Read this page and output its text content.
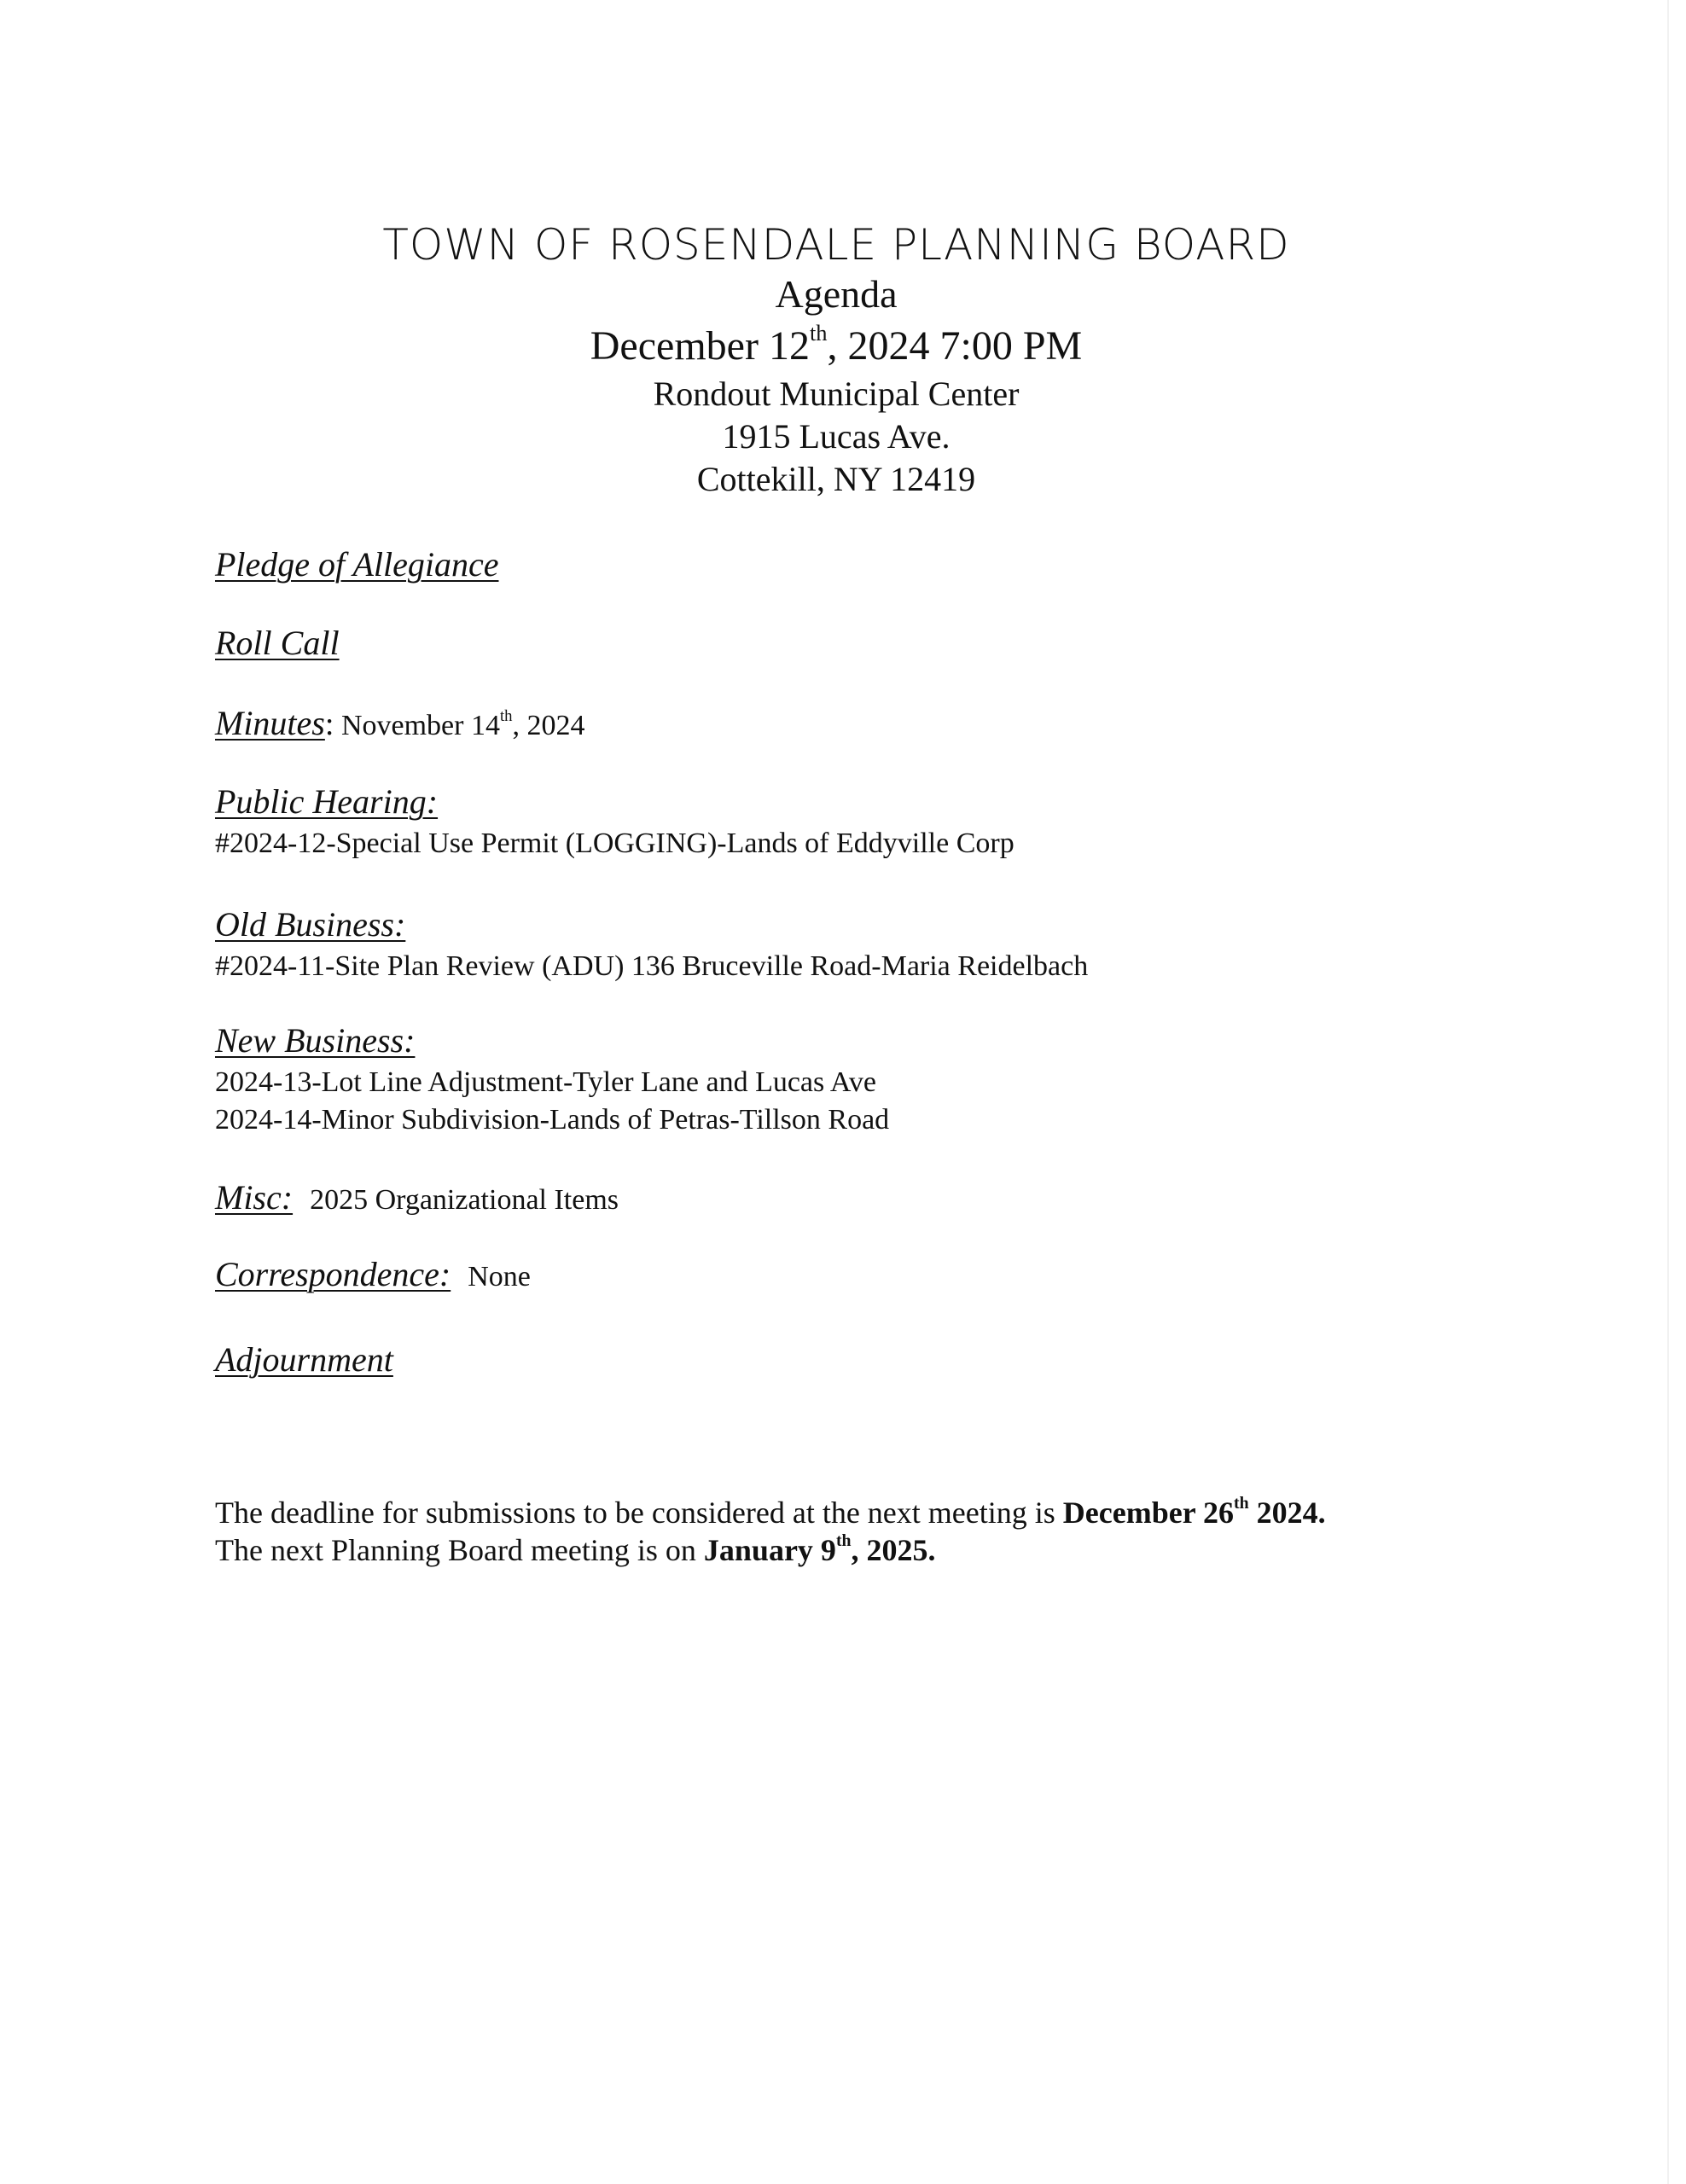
TOWN OF ROSENDALE PLANNING BOARD
Agenda
December 12th, 2024 7:00 PM
Rondout Municipal Center
1915 Lucas Ave.
Cottekill, NY 12419
Pledge of Allegiance
Roll Call
Minutes: November 14th, 2024
Public Hearing:
#2024-12-Special Use Permit (LOGGING)-Lands of Eddyville Corp
Old Business:
#2024-11-Site Plan Review (ADU) 136 Bruceville Road-Maria Reidelbach
New Business:
2024-13-Lot Line Adjustment-Tyler Lane and Lucas Ave
2024-14-Minor Subdivision-Lands of Petras-Tillson Road
Misc: 2025 Organizational Items
Correspondence: None
Adjournment
The deadline for submissions to be considered at the next meeting is December 26th 2024.
The next Planning Board meeting is on January 9th, 2025.
